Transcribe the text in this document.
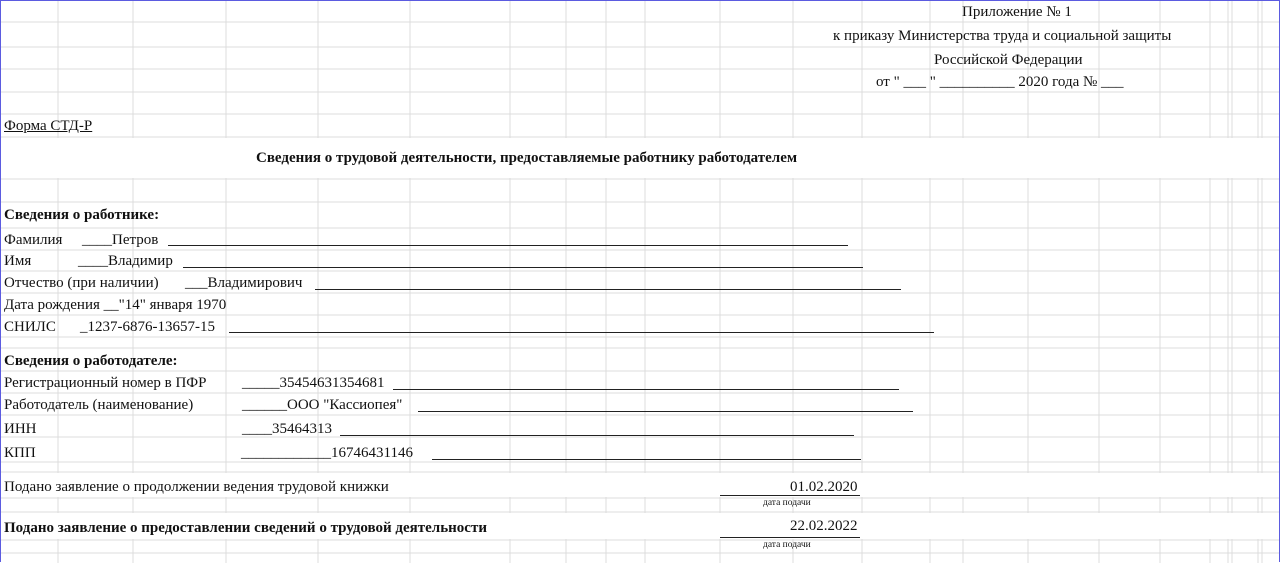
Приложение № 1
к приказу Министерства труда и социальной защиты
Российской Федерации
от " ___ " __________ 2020 года № ___
Форма СТД-Р
Сведения о трудовой деятельности, предоставляемые работнику работодателем
Сведения о работнике:
Фамилия ____Петров
Имя	____Владимир
Отчество (при наличии) ___Владимирович
Дата рождения __"14" января 1970
СНИЛС _1237-6876-13657-15
Сведения о работодателе:
Регистрационный номер в ПФР _____35454631354681
Работодатель (наименование)	______ООО "Кассиопея"
ИНН	____35464313
КПП	____________16746431146
Подано заявление о продолжении ведения трудовой книжки	01.02.2020
дата подачи
Подано заявление о предоставлении сведений о трудовой деятельности	22.02.2022
дата подачи
